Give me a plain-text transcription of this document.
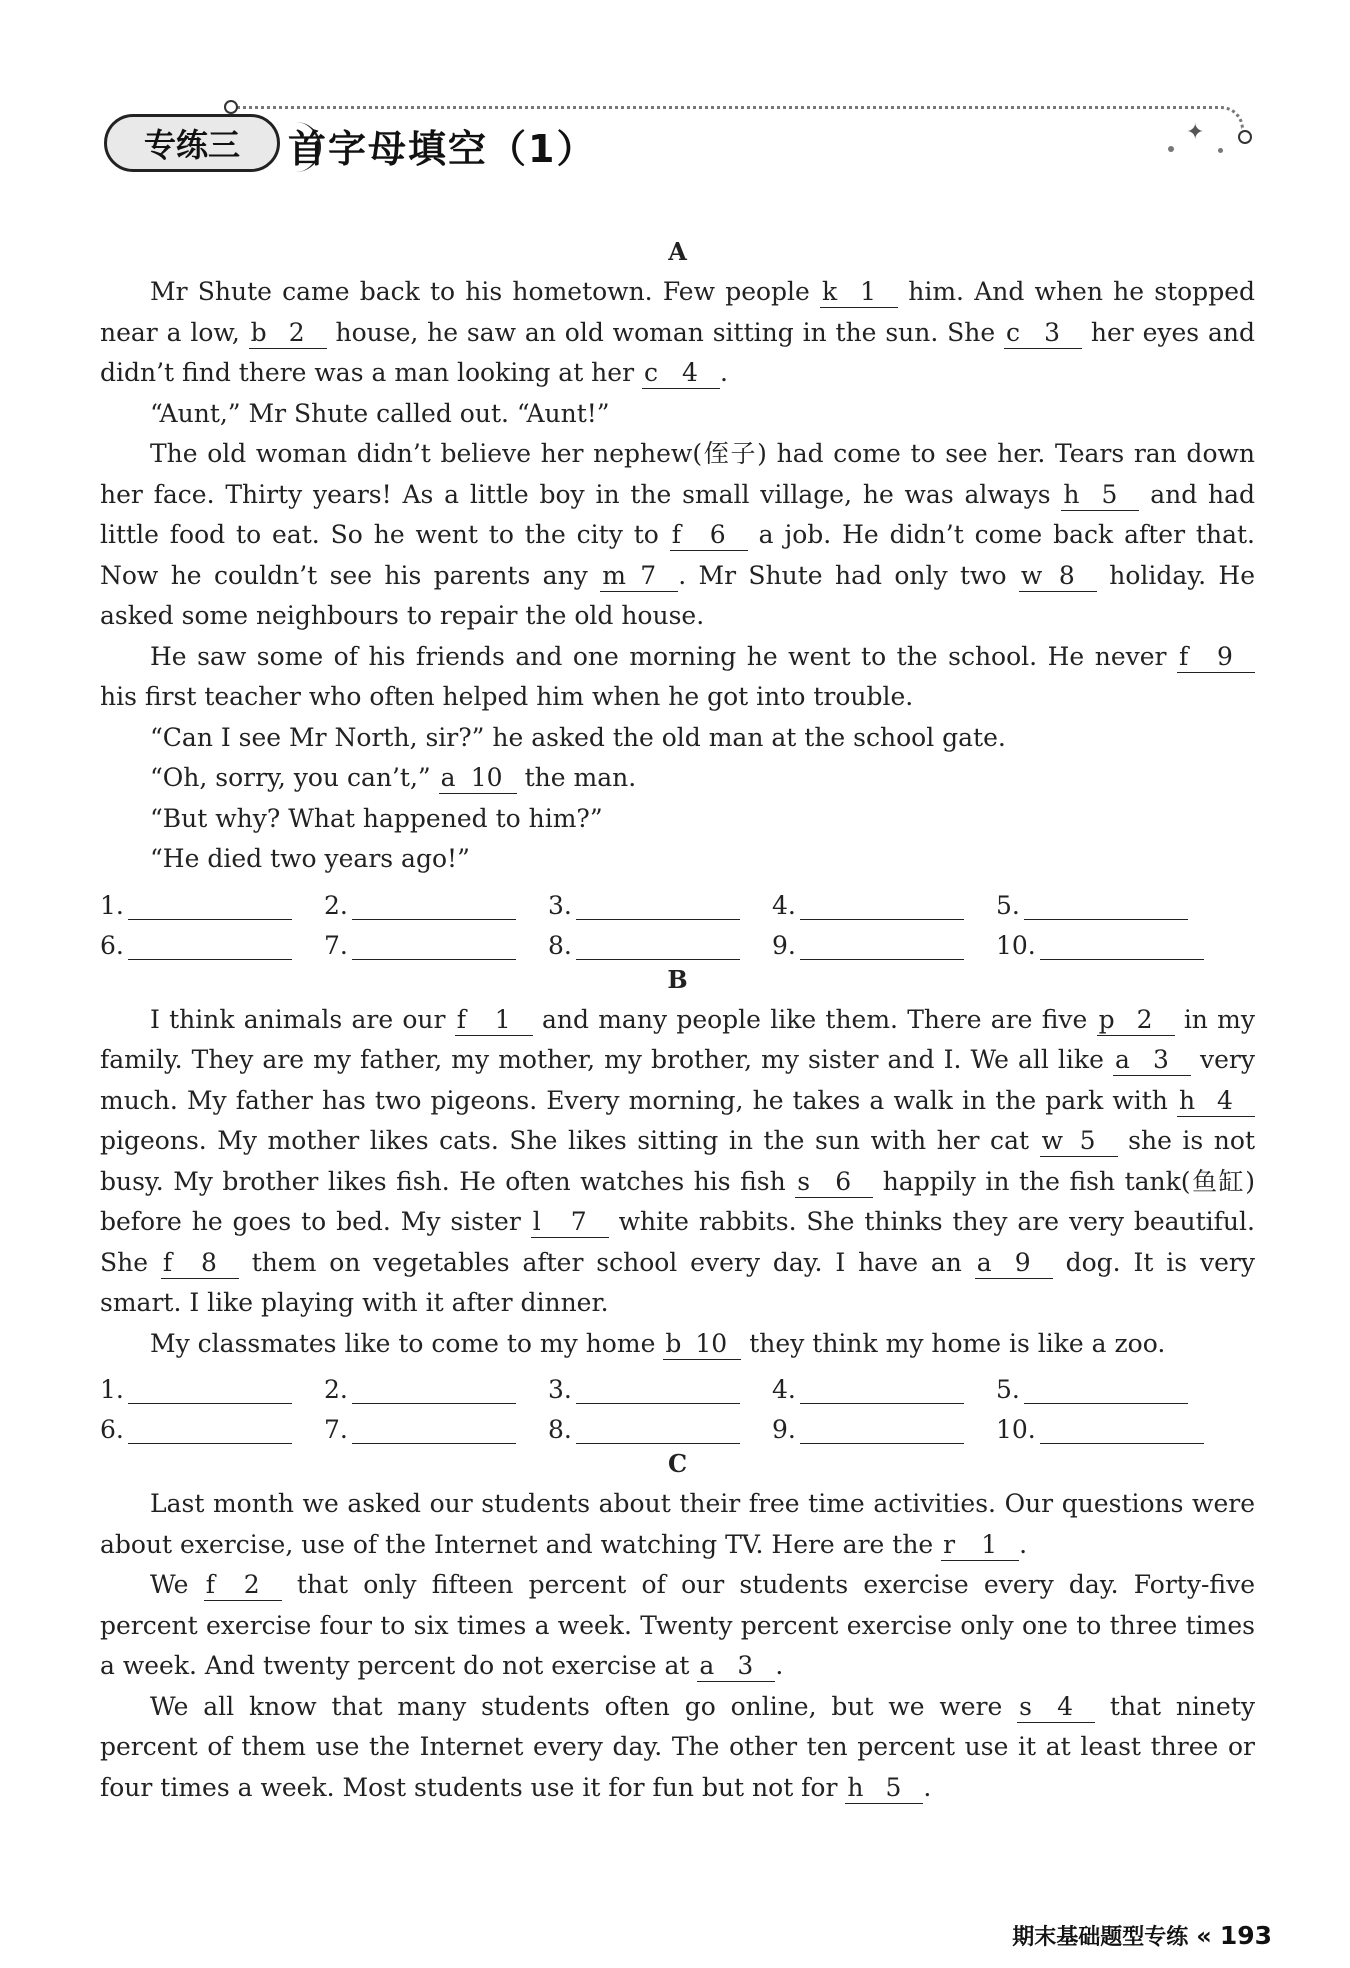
✦
专练三	首字母填空（1）
A

Mr Shute came back to his hometown. Few people k 1 him. And when he stopped near a low, b 2 house, he saw an old woman sitting in the sun. She c 3 her eyes and didn’t find there was a man looking at her c 4 .

“Aunt,” Mr Shute called out. “Aunt!”

The old woman didn’t believe her nephew(侄子) had come to see her. Tears ran down her face. Thirty years! As a little boy in the small village, he was always h 5 and had little food to eat. So he went to the city to f 6 a job. He didn’t come back after that. Now he couldn’t see his parents any m 7 . Mr Shute had only two w 8 holiday. He asked some neighbours to repair the old house.

He saw some of his friends and one morning he went to the school. He never f 9 his first teacher who often helped him when he got into trouble.

“Can I see Mr North, sir?” he asked the old man at the school gate.

“Oh, sorry, you can’t,” a 10 the man.

“But why? What happened to him?”

“He died two years ago!”

1.	2.	3.	4.	5.
6.	7.	8.	9.	10.
B

I think animals are our f 1 and many people like them. There are five p 2 in my family. They are my father, my mother, my brother, my sister and I. We all like a 3 very much. My father has two pigeons. Every morning, he takes a walk in the park with h 4 pigeons. My mother likes cats. She likes sitting in the sun with her cat w 5 she is not busy. My brother likes fish. He often watches his fish s 6 happily in the fish tank(鱼缸) before he goes to bed. My sister l 7 white rabbits. She thinks they are very beautiful. She f 8 them on vegetables after school every day. I have an a 9 dog. It is very smart. I like playing with it after dinner.

My classmates like to come to my home b 10 they think my home is like a zoo.

1.	2.	3.	4.	5.
6.	7.	8.	9.	10.
C

Last month we asked our students about their free time activities. Our questions were about exercise, use of the Internet and watching TV. Here are the r 1 .

We f 2 that only fifteen percent of our students exercise every day. Forty-five percent exercise four to six times a week. Twenty percent exercise only one to three times a week. And twenty percent do not exercise at a 3 .

We all know that many students often go online, but we were s 4 that ninety percent of them use the Internet every day. The other ten percent use it at least three or four times a week. Most students use it for fun but not for h 5 .

期末基础题型专练 « 193
